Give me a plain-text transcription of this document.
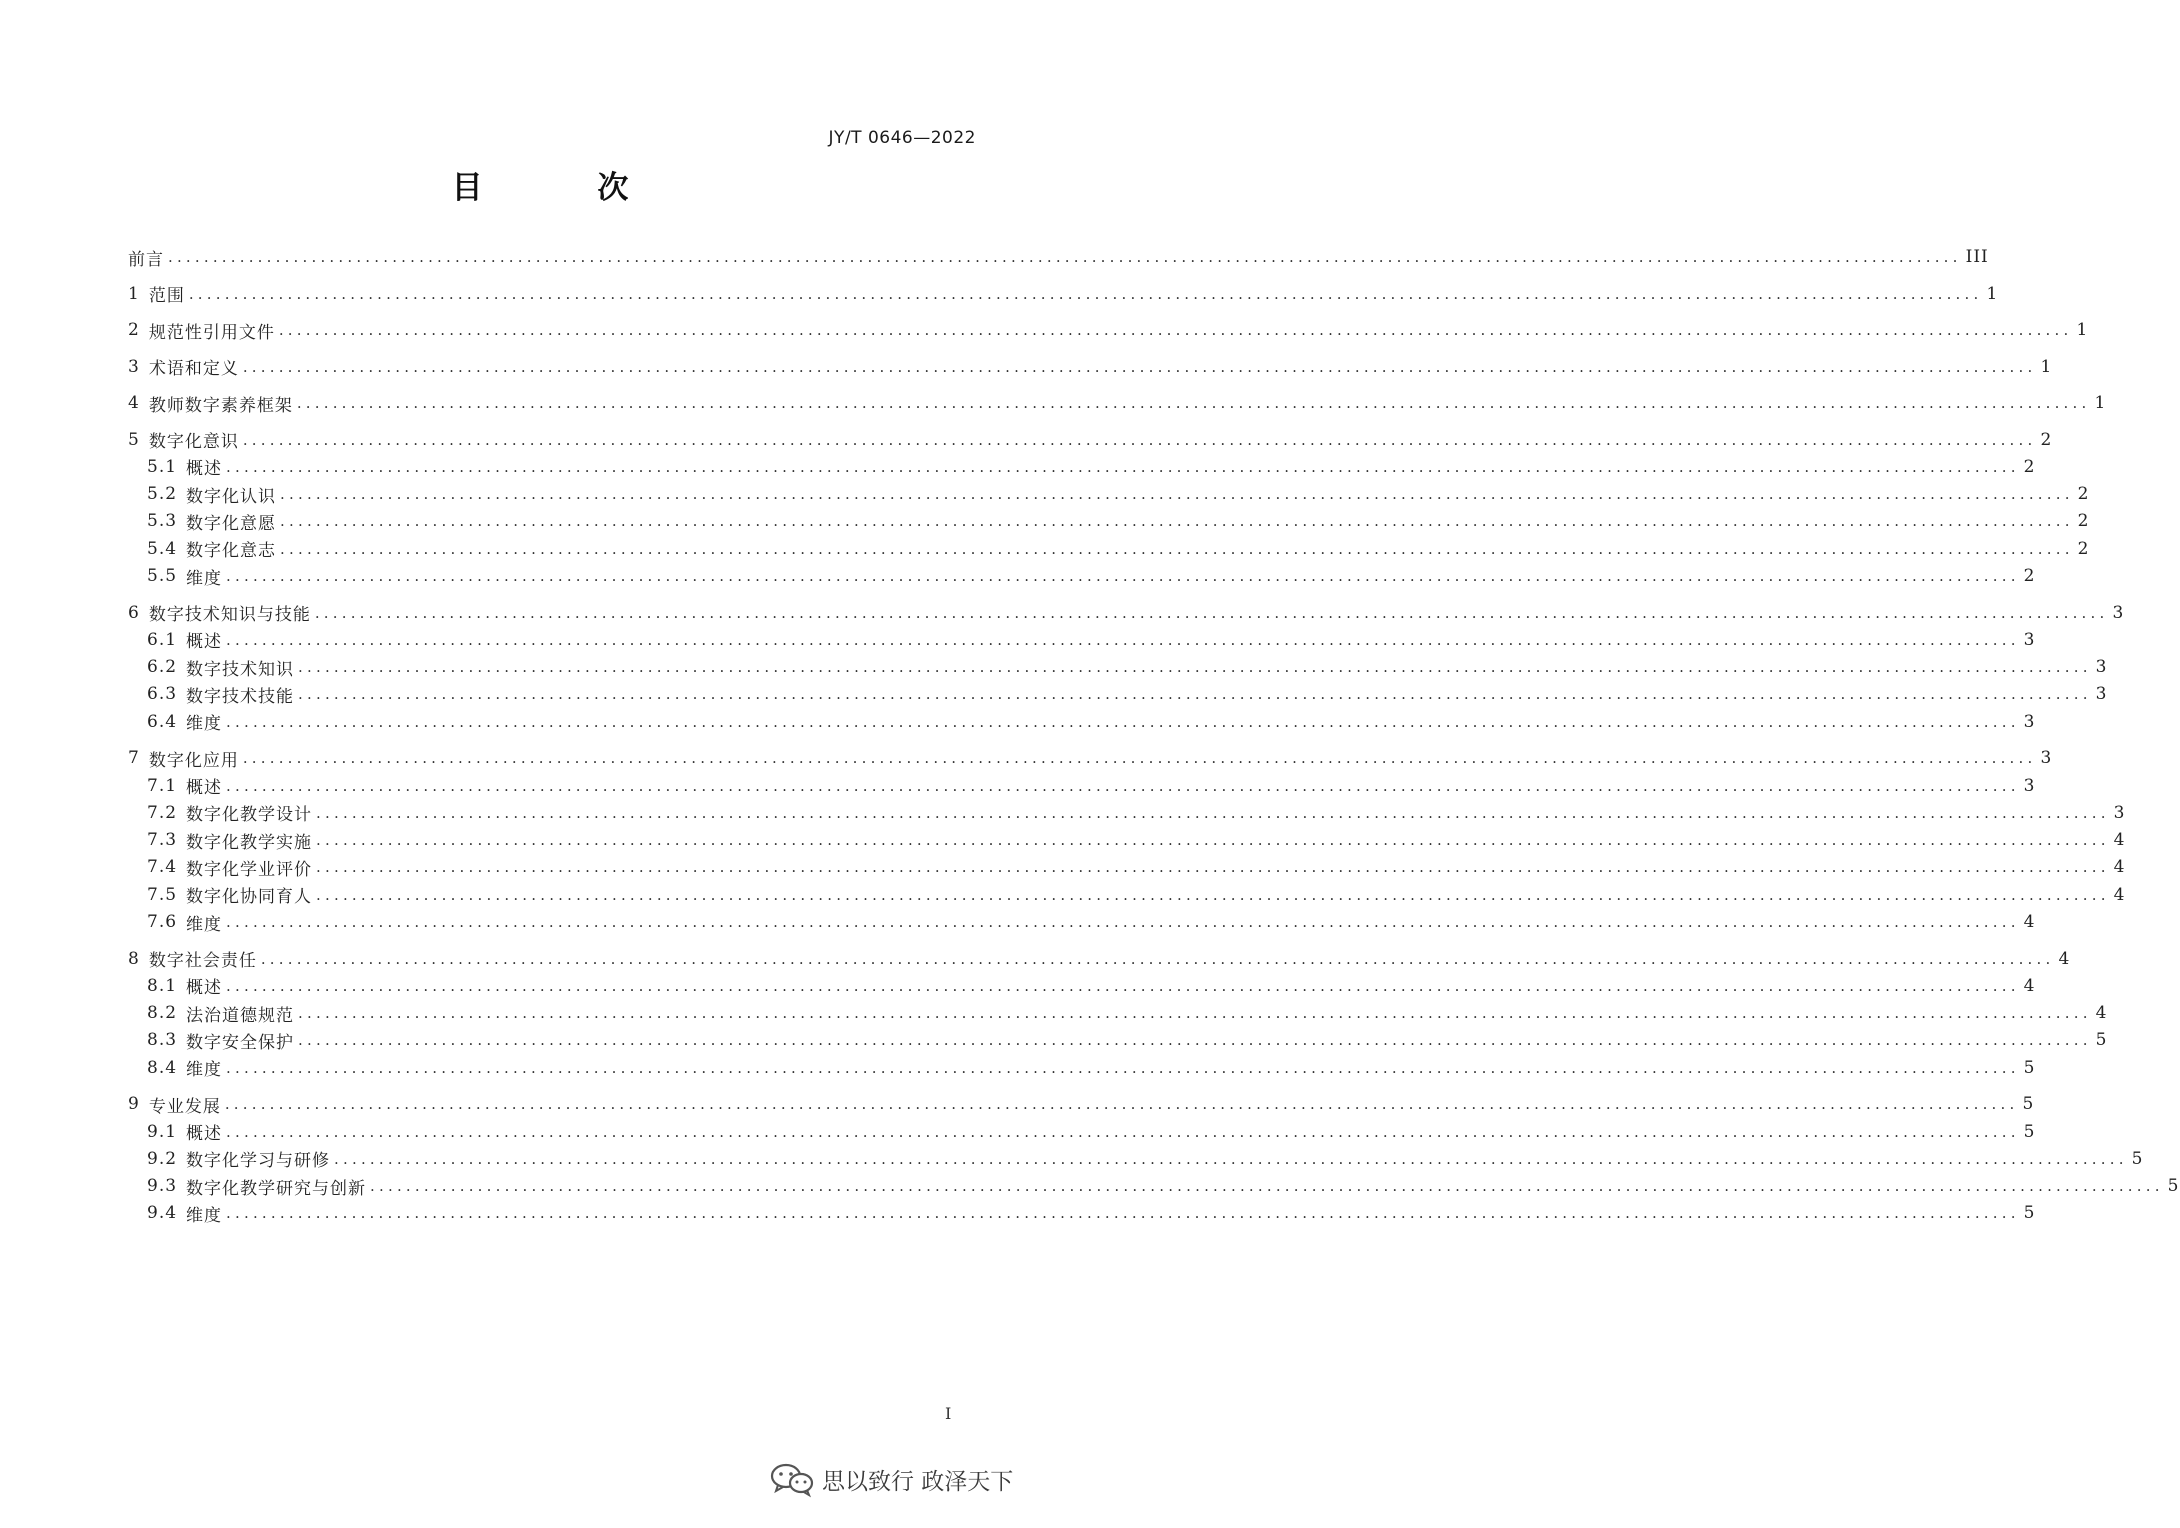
JY/T 0646—2022
目 次
前言 ........................................................................................................................................................................................................ III
1 范围 ........................................................................................................................................................................................................ 1
2 规范性引用文件 ........................................................................................................................................................................................................ 1
3 术语和定义 ........................................................................................................................................................................................................ 1
4 教师数字素养框架 ........................................................................................................................................................................................................ 1
5 数字化意识 ........................................................................................................................................................................................................ 2
5.1 概述 ........................................................................................................................................................................................................ 2
5.2 数字化认识 ........................................................................................................................................................................................................ 2
5.3 数字化意愿 ........................................................................................................................................................................................................ 2
5.4 数字化意志 ........................................................................................................................................................................................................ 2
5.5 维度 ........................................................................................................................................................................................................ 2
6 数字技术知识与技能 ........................................................................................................................................................................................................ 3
6.1 概述 ........................................................................................................................................................................................................ 3
6.2 数字技术知识 ........................................................................................................................................................................................................ 3
6.3 数字技术技能 ........................................................................................................................................................................................................ 3
6.4 维度 ........................................................................................................................................................................................................ 3
7 数字化应用 ........................................................................................................................................................................................................ 3
7.1 概述 ........................................................................................................................................................................................................ 3
7.2 数字化教学设计 ........................................................................................................................................................................................................ 3
7.3 数字化教学实施 ........................................................................................................................................................................................................ 4
7.4 数字化学业评价 ........................................................................................................................................................................................................ 4
7.5 数字化协同育人 ........................................................................................................................................................................................................ 4
7.6 维度 ........................................................................................................................................................................................................ 4
8 数字社会责任 ........................................................................................................................................................................................................ 4
8.1 概述 ........................................................................................................................................................................................................ 4
8.2 法治道德规范 ........................................................................................................................................................................................................ 4
8.3 数字安全保护 ........................................................................................................................................................................................................ 5
8.4 维度 ........................................................................................................................................................................................................ 5
9 专业发展 ........................................................................................................................................................................................................ 5
9.1 概述 ........................................................................................................................................................................................................ 5
9.2 数字化学习与研修 ........................................................................................................................................................................................................ 5
9.3 数字化教学研究与创新 ........................................................................................................................................................................................................ 5
9.4 维度 ........................................................................................................................................................................................................ 5
I
思以致行 政泽天下
